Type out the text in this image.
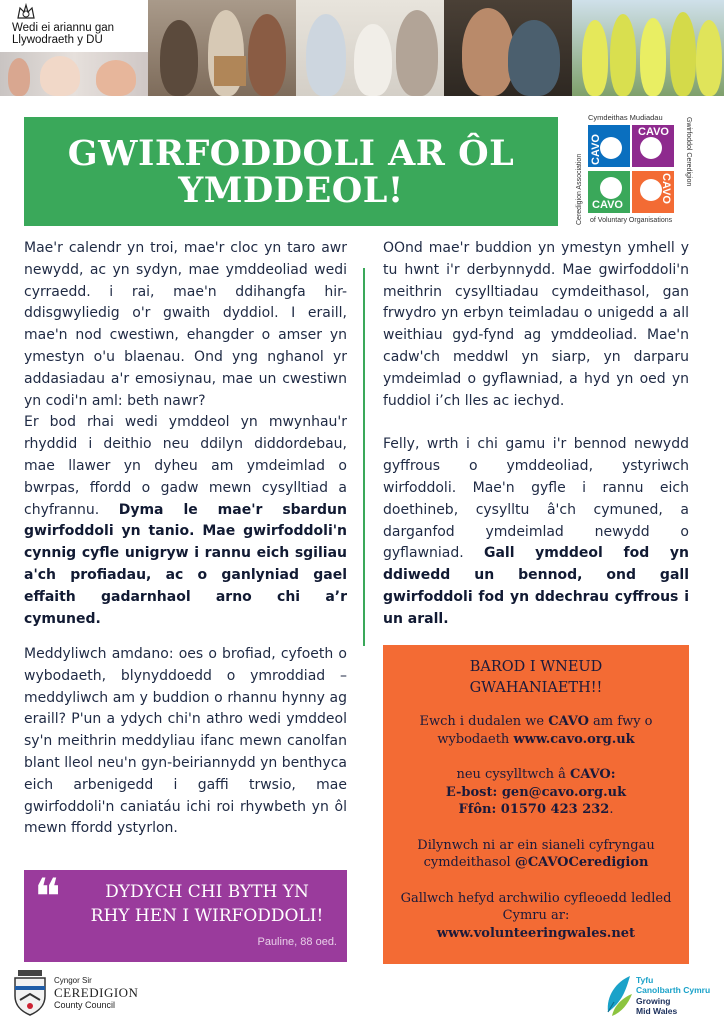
Wedi ei ariannu gan
Llywodraeth y DU
GWIRFODDOLI AR ÔL
YMDDEOL!
Cymdeithas Mudiadau
CAVO
CAVO
CAVO
CAVO
Gwirfoddol Ceredigion
Ceredigion Association of Voluntary Organisations

Mae'r calendr yn troi, mae'r cloc yn taro awr newydd, ac yn sydyn, mae ymddeoliad wedi cyrraedd. i rai, mae'n ddihangfa hir-ddisgwyliedig o'r gwaith dyddiol. I eraill, mae'n nod cwestiwn, ehangder o amser yn ymestyn o'u blaenau. Ond yng nghanol yr addasiadau a'r emosiynau, mae un cwestiwn yn codi'n aml: beth nawr?

Er bod rhai wedi ymddeol yn mwynhau'r rhyddid i deithio neu ddilyn diddordebau, mae llawer yn dyheu am ymdeimlad o bwrpas, ffordd o gadw mewn cysylltiad a chyfrannu. Dyma le mae'r sbardun gwirfoddoli yn tanio. Mae gwirfoddoli'n cynnig cyfle unigryw i rannu eich sgiliau a'ch profiadau, ac o ganlyniad gael effaith gadarnhaol arno chi a’r cymuned.

Meddyliwch amdano: oes o brofiad, cyfoeth o wybodaeth, blynyddoedd o ymroddiad – meddyliwch am y buddion o rhannu hynny ag eraill? P'un a ydych chi'n athro wedi ymddeol sy'n meithrin meddyliau ifanc mewn canolfan blant lleol neu'n gyn-beiriannydd yn benthyca eich arbenigedd i gaffi trwsio, mae gwirfoddoli'n caniatáu ichi roi rhywbeth yn ôl mewn ffordd ystyrlon.

OOnd mae'r buddion yn ymestyn ymhell y tu hwnt i'r derbynnydd. Mae gwirfoddoli'n meithrin cysylltiadau cymdeithasol, gan frwydro yn erbyn teimladau o unigedd a all weithiau gyd-fynd ag ymddeoliad. Mae'n cadw'ch meddwl yn siarp, yn darparu ymdeimlad o gyflawniad, a hyd yn oed yn fuddiol i’ch lles ac iechyd.

Felly, wrth i chi gamu i'r bennod newydd gyffrous o ymddeoliad, ystyriwch wirfoddoli. Mae'n gyfle i rannu eich doethineb, cysylltu â'ch cymuned, a darganfod ymdeimlad newydd o gyflawniad. Gall ymddeol fod yn ddiwedd un bennod, ond gall gwirfoddoli fod yn ddechrau cyffrous i un arall.

BAROD I WNEUD
GWAHANIAETH!!

Ewch i dudalen we CAVO am fwy o wybodaeth www.cavo.org.uk

neu cysylltwch â CAVO:

E-bost: gen@cavo.org.uk

Ffôn: 01570 423 232.

Dilynwch ni ar ein sianeli cyfryngau cymdeithasol @CAVOCeredigion

Gallwch hefyd archwilio cyfleoedd ledled Cymru ar:

www.volunteeringwales.net

❝	DYDYCH CHI BYTH YN
RHY HEN I WIRFODDOLI!
Pauline, 88 oed.
Cyngor Sir
CEREDIGION
County Council
Tyfu
Canolbarth Cymru
Growing
Mid Wales
